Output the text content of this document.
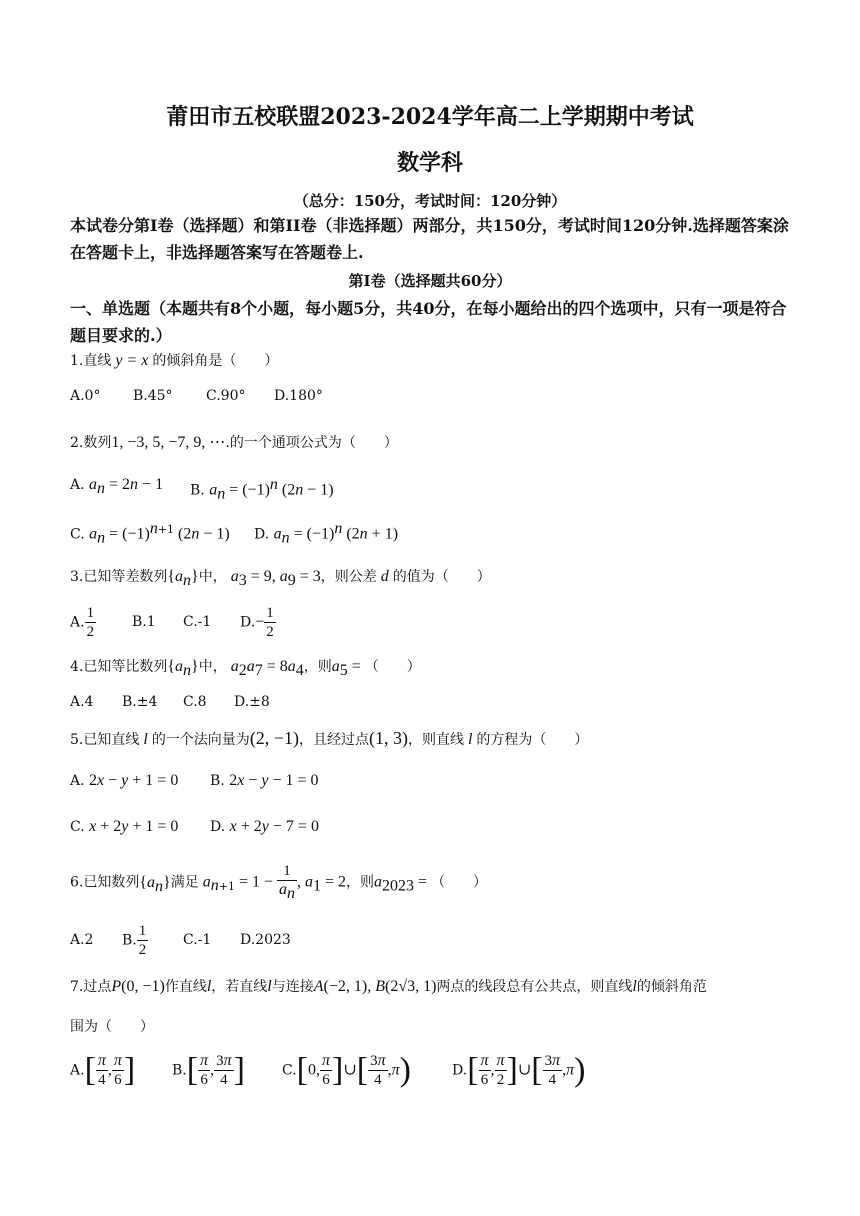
莆田市五校联盟2023-2024学年高二上学期期中考试
数学科
（总分：150分，考试时间：120分钟）
本试卷分第I卷（选择题）和第II卷（非选择题）两部分，共150分，考试时间120分钟.选择题答案涂在答题卡上，非选择题答案写在答题卷上.
第I卷（选择题共60分）
一、单选题（本题共有8个小题，每小题5分，共40分，在每小题给出的四个选项中，只有一项是符合题目要求的.）
1.直线 y = x 的倾斜角是（　　）
A.0° B.45° C.90° D.180°
2.数列1, −3, 5, −7, 9, ⋯.的一个通项公式为（　　）
A. $a_n = 2n - 1$ B. $a_n = (-1)^n$ (2n − 1)
C. $a_n = (-1)^{n+1}$ (2n − 1) D. $a_n = (-1)^n$ (2n + 1)
3.已知等差数列$\{a_n\}$中， $a_3 = 9$, $a_9 = 3$，则公差 d 的值为（　　）
A. $\frac{1}{2}$	B.1 C.-1 $D.- \frac{1}{2}$
4.已知等比数列$\{a_n\}$中， $a_2a_7 = 8a_4$，则$a_5$ = （　　）
A.4 B.±4 C.8 D.±8
5.已知直线 l 的一个法向量为(2, −1)，且经过点(1, 3)，则直线 l 的方程为（　　）
A. 2x − y + 1 = 0 B. 2x − y − 1 = 0
C. x + 2y + 1 = 0 D. x + 2y − 7 = 0
6.已知数列$\{a_n\}$满足 $a_{n+1} = 1 - \frac{1}{a_n}$ , $a_1 = 2$，则$a_{2023}$ = （　　）
A.2 B. $\frac{1}{2} C.-1$ D.2023
7.过点P(0, −1)作直线l，若直线l与连接A(−2, 1), B(2√3, 1)两点的线段总有公共点，则直线l的倾斜角范
围为（　　）
$A.[ \frac{\pi}{4}$ , $\frac{\pi}{6}$ ]	$B.[ \frac{\pi}{6}$ , $\frac{3\pi}{4}$ ]	C.[0, $\frac{\pi}{6}$ ]∪[ $\frac{3\pi}{4} ,\pi$)	$D.[ \frac{\pi}{6}$ , $\frac{\pi}{2}$ ]∪[ $\frac{3\pi}{4} ,\pi$)
